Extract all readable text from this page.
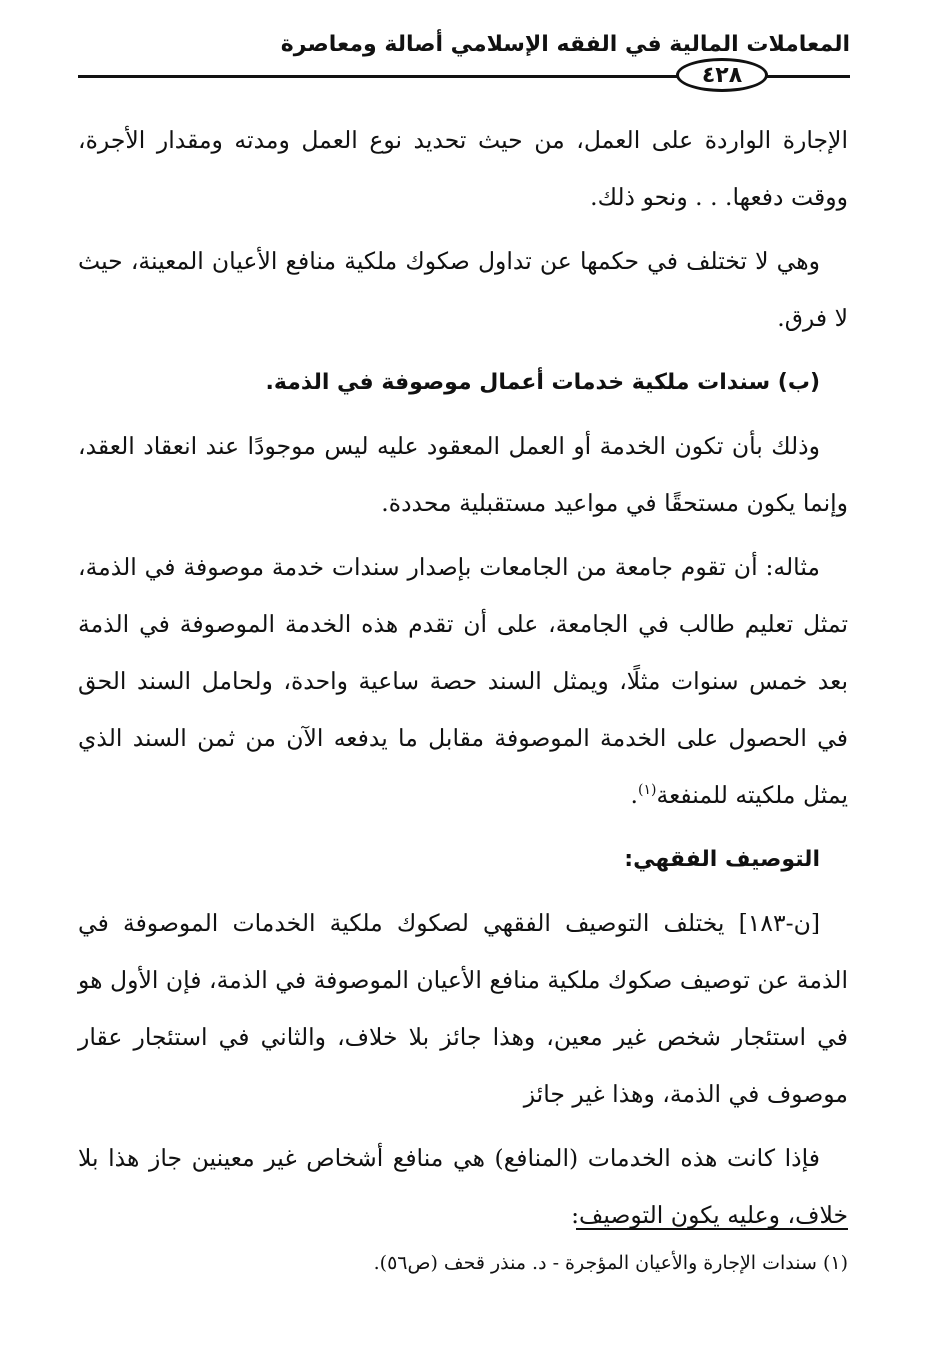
المعاملات المالية في الفقه الإسلامي أصالة ومعاصرة
٤٢٨

الإجارة الواردة على العمل، من حيث تحديد نوع العمل ومدته ومقدار الأجرة، ووقت دفعها. . . ونحو ذلك.

وهي لا تختلف في حكمها عن تداول صكوك ملكية منافع الأعيان المعينة، حيث لا فرق.

(ب) سندات ملكية خدمات أعمال موصوفة في الذمة.

وذلك بأن تكون الخدمة أو العمل المعقود عليه ليس موجودًا عند انعقاد العقد، وإنما يكون مستحقًا في مواعيد مستقبلية محددة.

مثاله: أن تقوم جامعة من الجامعات بإصدار سندات خدمة موصوفة في الذمة، تمثل تعليم طالب في الجامعة، على أن تقدم هذه الخدمة الموصوفة في الذمة بعد خمس سنوات مثلًا، ويمثل السند حصة ساعية واحدة، ولحامل السند الحق في الحصول على الخدمة الموصوفة مقابل ما يدفعه الآن من ثمن السند الذي يمثل ملكيته للمنفعة$^{(١)}$.

التوصيف الفقهي:

[ن-١٨٣] يختلف التوصيف الفقهي لصكوك ملكية الخدمات الموصوفة في الذمة عن توصيف صكوك ملكية منافع الأعيان الموصوفة في الذمة، فإن الأول هو في استئجار شخص غير معين، وهذا جائز بلا خلاف، والثاني في استئجار عقار موصوف في الذمة، وهذا غير جائز

فإذا كانت هذه الخدمات (المنافع) هي منافع أشخاص غير معينين جاز هذا بلا خلاف، وعليه يكون التوصيف:

(١) سندات الإجارة والأعيان المؤجرة - د. منذر قحف (ص٥٦).
